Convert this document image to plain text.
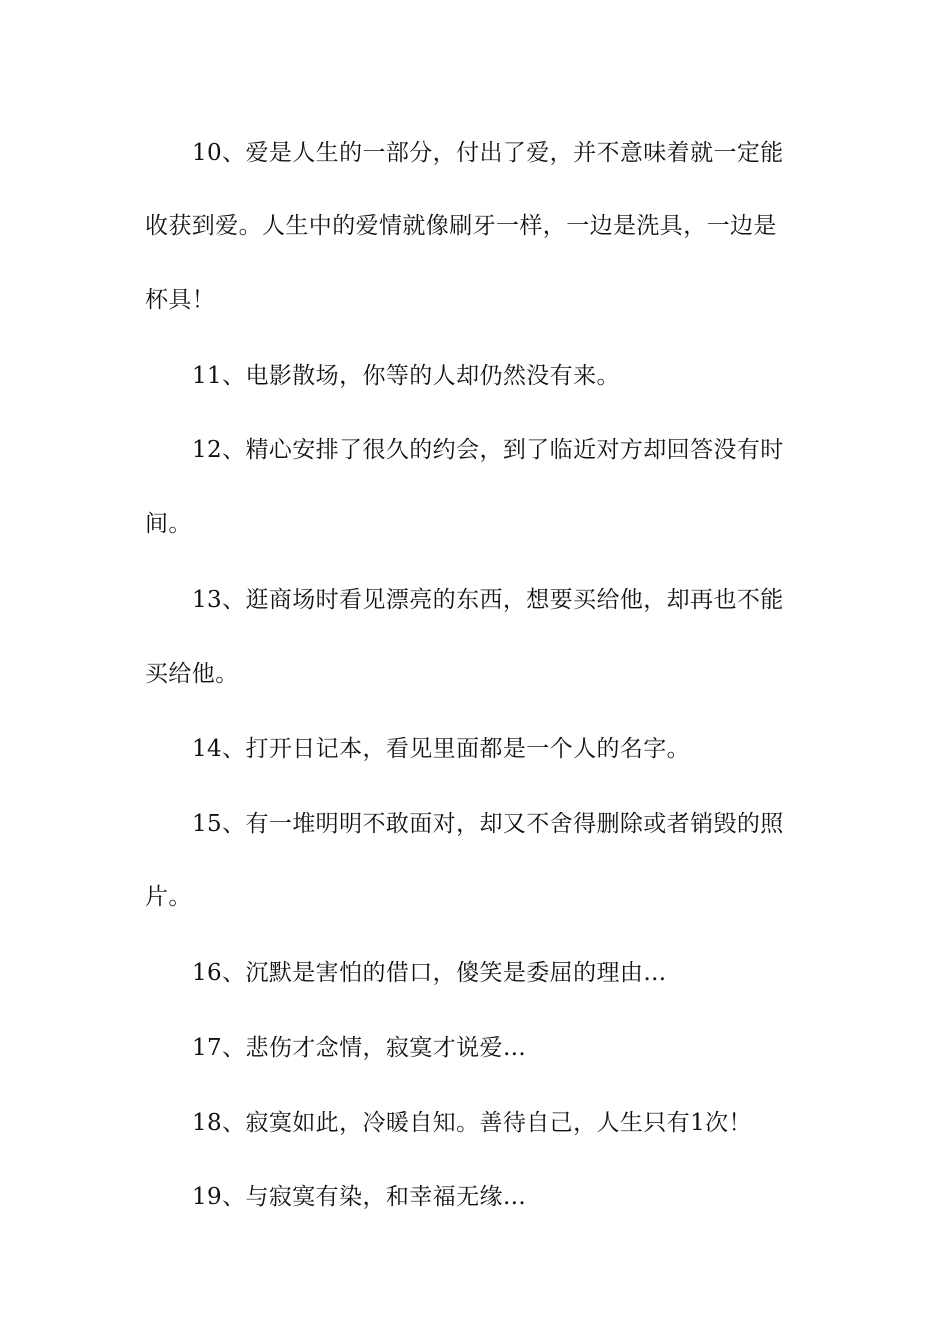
10、爱是人生的一部分，付出了爱，并不意味着就一定能
收获到爱。人生中的爱情就像刷牙一样，一边是洗具，一边是
杯具！
11、电影散场，你等的人却仍然没有来。
12、精心安排了很久的约会，到了临近对方却回答没有时
间。
13、逛商场时看见漂亮的东西，想要买给他，却再也不能
买给他。
14、打开日记本，看见里面都是一个人的名字。
15、有一堆明明不敢面对，却又不舍得删除或者销毁的照
片。
16、沉默是害怕的借口，傻笑是委屈的理由…
17、悲伤才念情，寂寞才说爱…
18、寂寞如此，冷暖自知。善待自己，人生只有1次！
19、与寂寞有染，和幸福无缘…
